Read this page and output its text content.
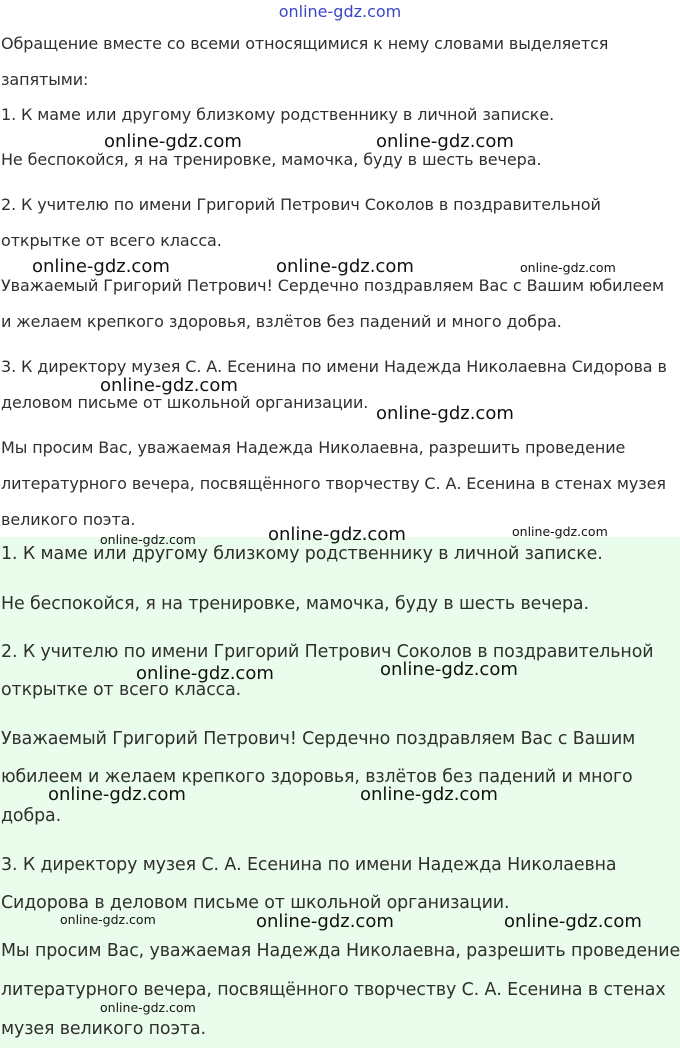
online-gdz.com
Обращение вместе со всеми относящимися к нему словами выделяется
запятыми:
1. К маме или другому близкому родственнику в личной записке.
Не беспокойся, я на тренировке, мамочка, буду в шесть вечера.
2. К учителю по имени Григорий Петрович Соколов в поздравительной
открытке от всего класса.
Уважаемый Григорий Петрович! Сердечно поздравляем Вас с Вашим юбилеем
и желаем крепкого здоровья, взлётов без падений и много добра.
3. К директору музея С. А. Есенина по имени Надежда Николаевна Сидорова в
деловом письме от школьной организации.
Мы просим Вас, уважаемая Надежда Николаевна, разрешить проведение
литературного вечера, посвящённого творчеству С. А. Есенина в стенах музея
великого поэта.
1. К маме или другому близкому родственнику в личной записке.
Не беспокойся, я на тренировке, мамочка, буду в шесть вечера.
2. К учителю по имени Григорий Петрович Соколов в поздравительной
открытке от всего класса.
Уважаемый Григорий Петрович! Сердечно поздравляем Вас с Вашим
юбилеем и желаем крепкого здоровья, взлётов без падений и много
добра.
3. К директору музея С. А. Есенина по имени Надежда Николаевна
Сидорова в деловом письме от школьной организации.
Мы просим Вас, уважаемая Надежда Николаевна, разрешить проведение
литературного вечера, посвящённого творчеству С. А. Есенина в стенах
музея великого поэта.
online-gdz.com	online-gdz.com
online-gdz.com	online-gdz.com	online-gdz.com
online-gdz.com
online-gdz.com
online-gdz.com	online-gdz.com
online-gdz.com
online-gdz.com	online-gdz.com
online-gdz.com	online-gdz.com
online-gdz.com	online-gdz.com	online-gdz.com
online-gdz.com
